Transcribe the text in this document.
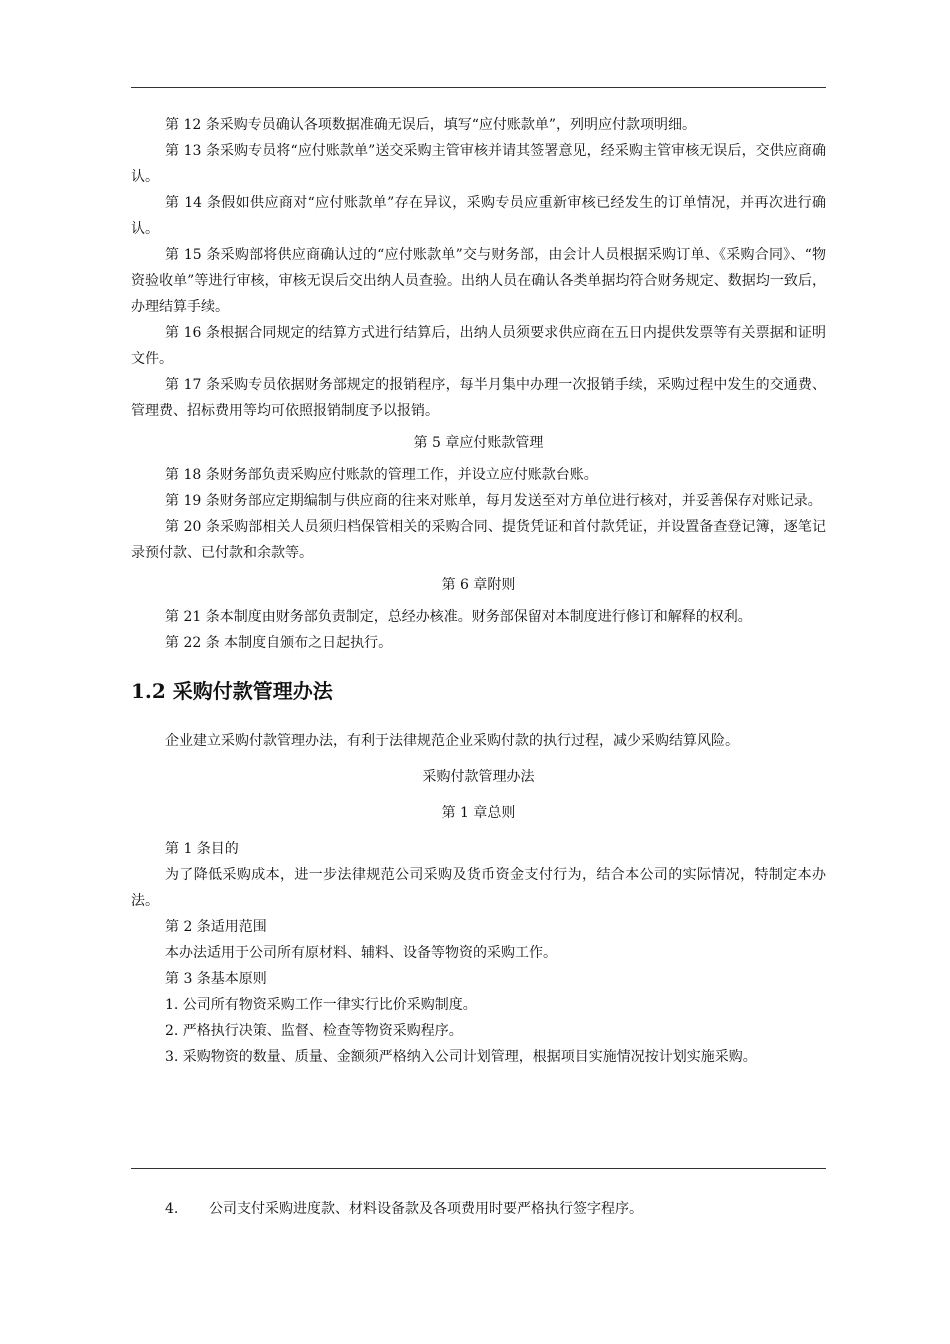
第 12 条采购专员确认各项数据准确无误后，填写“应付账款单”，列明应付款项明细。

第 13 条采购专员将“应付账款单”送交采购主管审核并请其签署意见，经采购主管审核无误后，交供应商确认。

第 14 条假如供应商对“应付账款单”存在异议，采购专员应重新审核已经发生的订单情况，并再次进行确认。

第 15 条采购部将供应商确认过的“应付账款单”交与财务部，由会计人员根据采购订单、《采购合同》、“物资验收单”等进行审核，审核无误后交出纳人员查验。出纳人员在确认各类单据均符合财务规定、数据均一致后，办理结算手续。

第 16 条根据合同规定的结算方式进行结算后，出纳人员须要求供应商在五日内提供发票等有关票据和证明文件。

第 17 条采购专员依据财务部规定的报销程序，每半月集中办理一次报销手续，采购过程中发生的交通费、管理费、招标费用等均可依照报销制度予以报销。

第 5 章应付账款管理

第 18 条财务部负责采购应付账款的管理工作，并设立应付账款台账。

第 19 条财务部应定期编制与供应商的往来对账单，每月发送至对方单位进行核对，并妥善保存对账记录。

第 20 条采购部相关人员须归档保管相关的采购合同、提货凭证和首付款凭证，并设置备查登记簿，逐笔记录预付款、已付款和余款等。

第 6 章附则

第 21 条本制度由财务部负责制定，总经办核准。财务部保留对本制度进行修订和解释的权利。

第 22 条 本制度自颁布之日起执行。

1.2 采购付款管理办法

企业建立采购付款管理办法，有利于法律规范企业采购付款的执行过程，减少采购结算风险。

采购付款管理办法

第 1 章总则

第 1 条目的

为了降低采购成本，进一步法律规范公司采购及货币资金支付行为，结合本公司的实际情况，特制定本办法。

第 2 条适用范围

本办法适用于公司所有原材料、辅料、设备等物资的采购工作。

第 3 条基本原则

1. 公司所有物资采购工作一律实行比价采购制度。

2. 严格执行决策、监督、检查等物资采购程序。

3. 采购物资的数量、质量、金额须严格纳入公司计划管理，根据项目实施情况按计划实施采购。

4. 公司支付采购进度款、材料设备款及各项费用时要严格执行签字程序。
